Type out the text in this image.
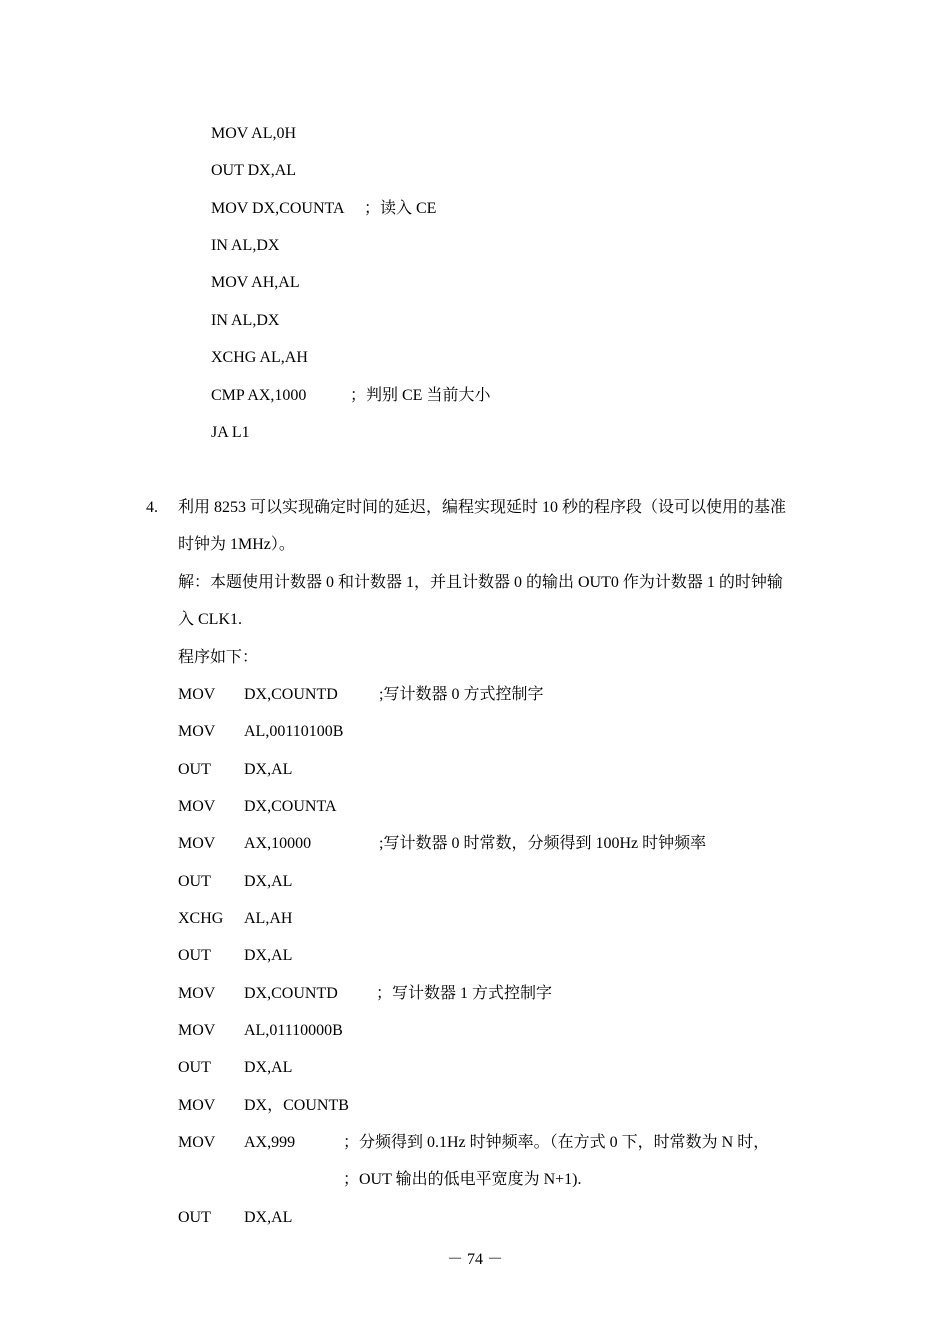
MOV AL,0H
OUT DX,AL
MOV DX,COUNTA ；读入 CE
IN AL,DX
MOV AH,AL
IN AL,DX
XCHG AL,AH
CMP AX,1000	；判别 CE 当前大小
JA L1
4. 利用 8253 可以实现确定时间的延迟，编程实现延时 10 秒的程序段（设可以使用的基准
时钟为 1MHz）。
解：本题使用计数器 0 和计数器 1，并且计数器 0 的输出 OUT0 作为计数器 1 的时钟输
入 CLK1.
程序如下：
MOV DX,COUNTD	;写计数器 0 方式控制字
MOV AL,00110100B
OUT DX,AL
MOV DX,COUNTA
MOV AX,10000	;写计数器 0 时常数，分频得到 100Hz 时钟频率
OUT DX,AL
XCHG AL,AH
OUT DX,AL
MOV DX,COUNTD ；写计数器 1 方式控制字
MOV AL,01110000B
OUT DX,AL
MOV DX，COUNTB
MOV AX,999	；分频得到 0.1Hz 时钟频率。（在方式 0 下，时常数为 N 时，
；OUT 输出的低电平宽度为 N+1).
OUT DX,AL
－ 74 －
